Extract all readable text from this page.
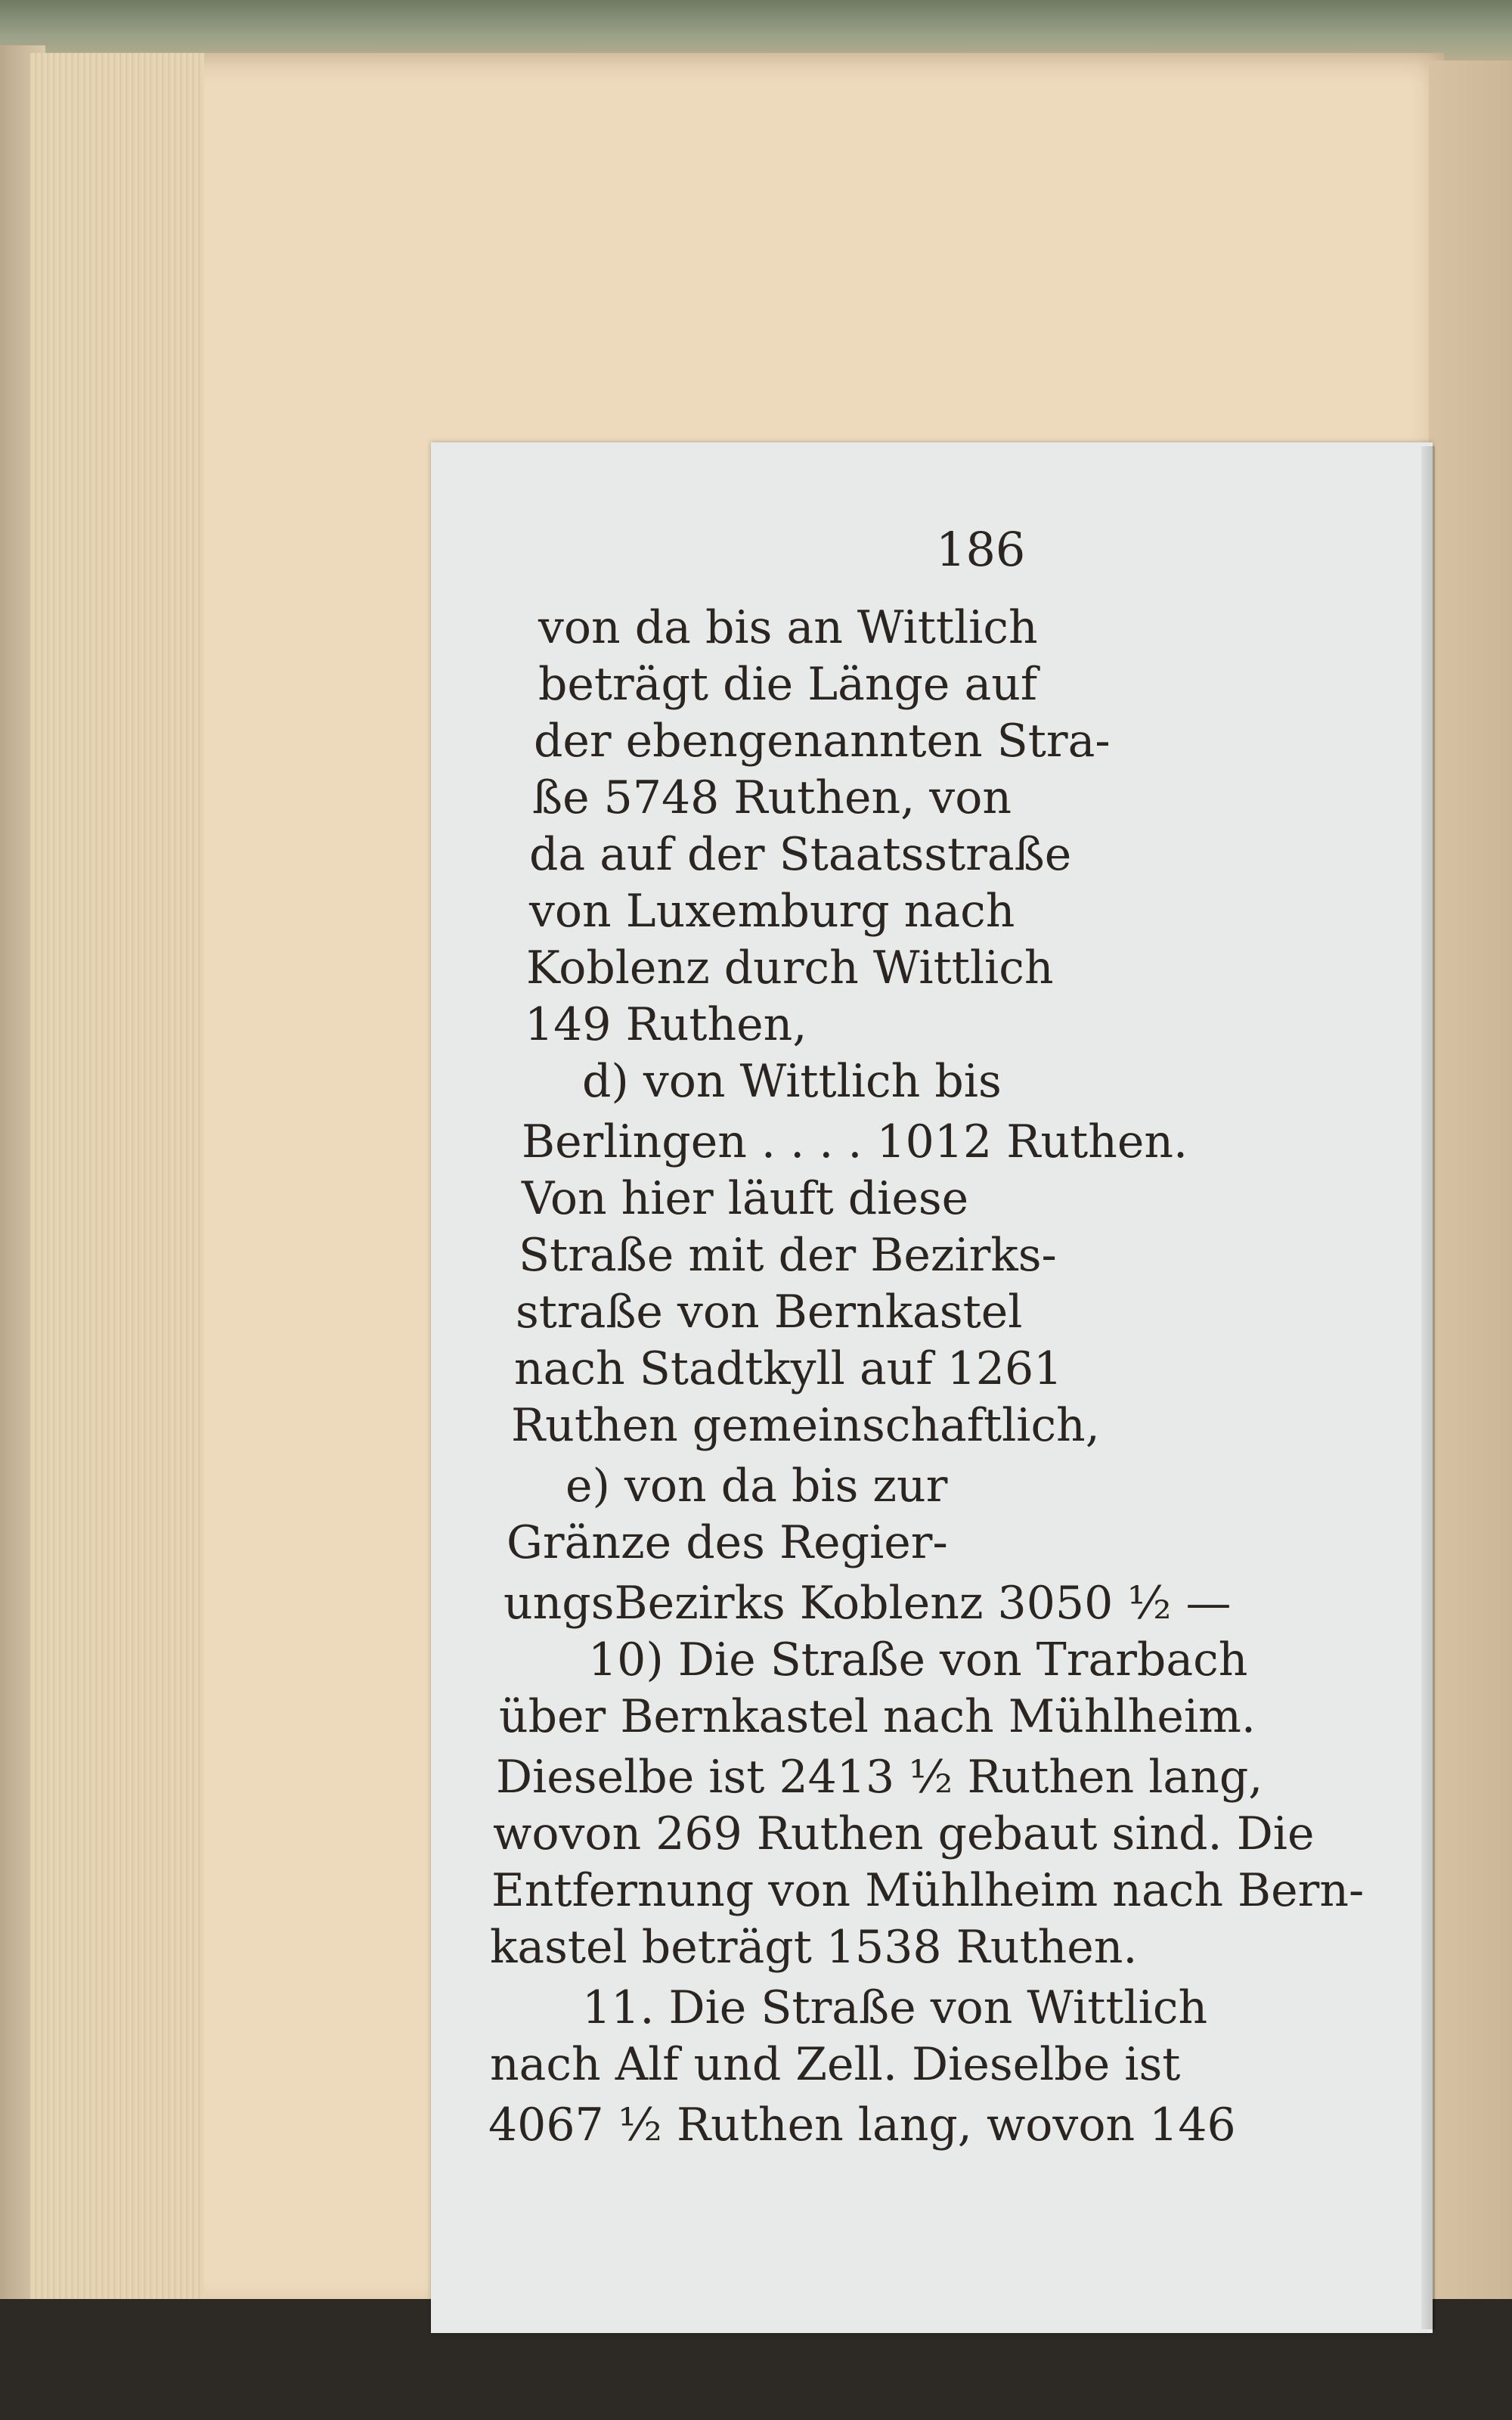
186
von da bis an Wittlich
beträgt die Länge auf
der ebengenannten Stra-
ße 5748 Ruthen, von
da auf der Staatsstraße
von Luxemburg nach
Koblenz durch Wittlich
149 Ruthen,
d) von Wittlich bis
Berlingen . . . . 1012 Ruthen.
Von hier läuft diese
Straße mit der Bezirks-
straße von Bernkastel
nach Stadtkyll auf 1261
Ruthen gemeinschaftlich,
e) von da bis zur
Gränze des Regier-
ungsBezirks Koblenz 3050 ½ —
10) Die Straße von Trarbach
über Bernkastel nach Mühlheim.
Dieselbe ist 2413 ½ Ruthen lang,
wovon 269 Ruthen gebaut sind. Die
Entfernung von Mühlheim nach Bern-
kastel beträgt 1538 Ruthen.
11. Die Straße von Wittlich
nach Alf und Zell. Dieselbe ist
4067 ½ Ruthen lang, wovon 146
